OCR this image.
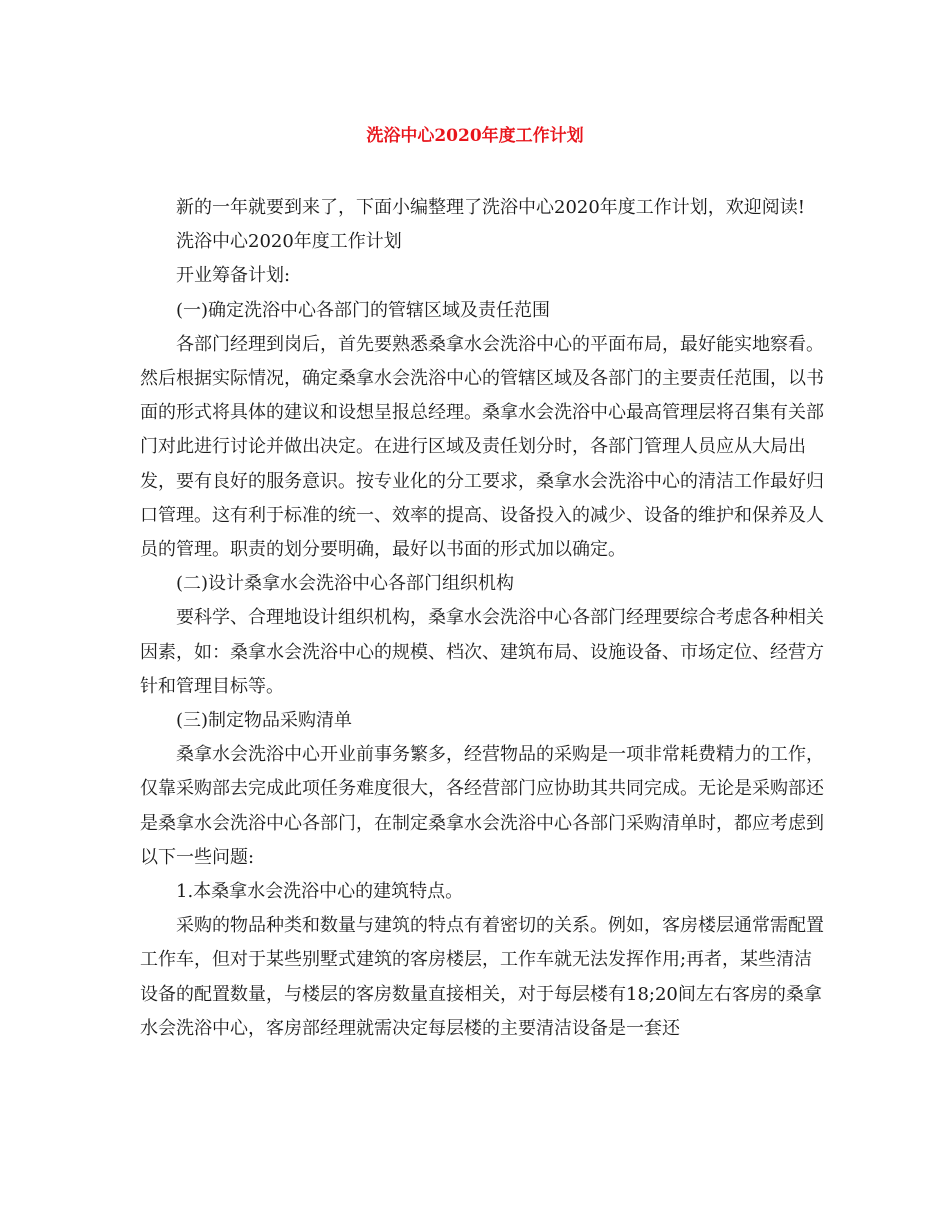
洗浴中心2020年度工作计划

新的一年就要到来了，下面小编整理了洗浴中心2020年度工作计划，欢迎阅读!

洗浴中心2020年度工作计划

开业筹备计划:

(一)确定洗浴中心各部门的管辖区域及责任范围

各部门经理到岗后，首先要熟悉桑拿水会洗浴中心的平面布局，最好能实地察看。然后根据实际情况，确定桑拿水会洗浴中心的管辖区域及各部门的主要责任范围，以书面的形式将具体的建议和设想呈报总经理。桑拿水会洗浴中心最高管理层将召集有关部门对此进行讨论并做出决定。在进行区域及责任划分时，各部门管理人员应从大局出发，要有良好的服务意识。按专业化的分工要求，桑拿水会洗浴中心的清洁工作最好归口管理。这有利于标准的统一、效率的提高、设备投入的减少、设备的维护和保养及人员的管理。职责的划分要明确，最好以书面的形式加以确定。

(二)设计桑拿水会洗浴中心各部门组织机构

要科学、合理地设计组织机构，桑拿水会洗浴中心各部门经理要综合考虑各种相关因素，如：桑拿水会洗浴中心的规模、档次、建筑布局、设施设备、市场定位、经营方针和管理目标等。

(三)制定物品采购清单

桑拿水会洗浴中心开业前事务繁多，经营物品的采购是一项非常耗费精力的工作，仅靠采购部去完成此项任务难度很大，各经营部门应协助其共同完成。无论是采购部还是桑拿水会洗浴中心各部门，在制定桑拿水会洗浴中心各部门采购清单时，都应考虑到以下一些问题:

1.本桑拿水会洗浴中心的建筑特点。

采购的物品种类和数量与建筑的特点有着密切的关系。例如，客房楼层通常需配置工作车，但对于某些别墅式建筑的客房楼层，工作车就无法发挥作用;再者，某些清洁设备的配置数量，与楼层的客房数量直接相关，对于每层楼有18;20间左右客房的桑拿水会洗浴中心，客房部经理就需决定每层楼的主要清洁设备是一套还
